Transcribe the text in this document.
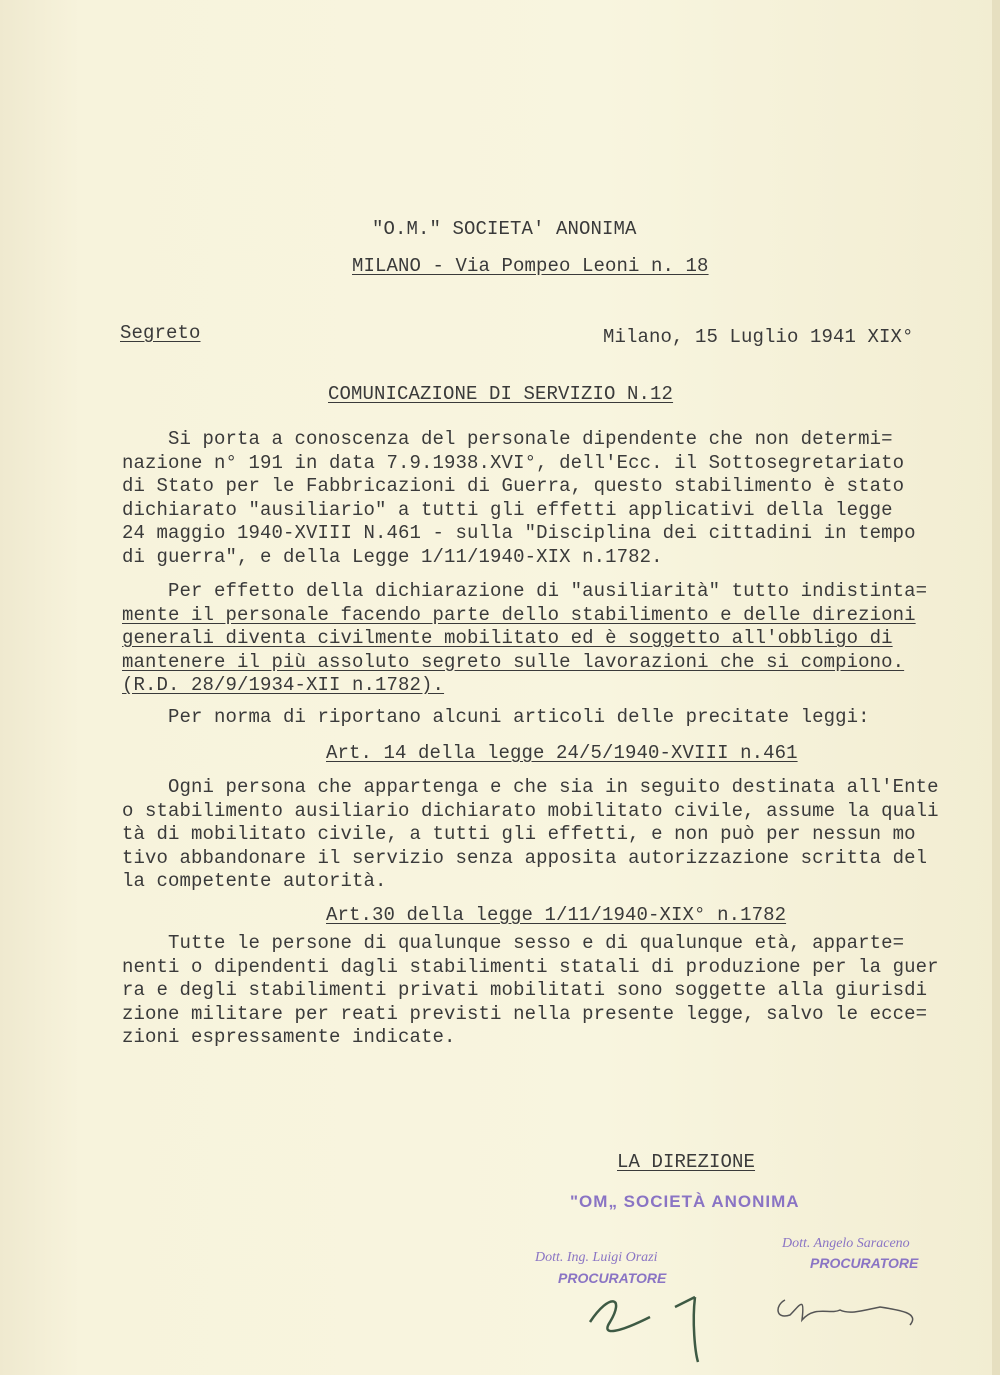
"O.M." SOCIETA' ANONIMA
MILANO - Via Pompeo Leoni n. 18
Segreto	Milano, 15 Luglio 1941 XIX°
COMUNICAZIONE DI SERVIZIO N.12
Si porta a conoscenza del personale dipendente che non determi=
nazione n° 191 in data 7.9.1938.XVI°, dell'Ecc. il Sottosegretariato
di Stato per le Fabbricazioni di Guerra, questo stabilimento è stato
dichiarato "ausiliario" a tutti gli effetti applicativi della legge
24 maggio 1940-XVIII N.461 - sulla "Disciplina dei cittadini in tempo
di guerra", e della Legge 1/11/1940-XIX n.1782.
Per effetto della dichiarazione di "ausiliarità" tutto indistinta=
mente il personale facendo parte dello stabilimento e delle direzioni
generali diventa civilmente mobilitato ed è soggetto all'obbligo di
mantenere il più assoluto segreto sulle lavorazioni che si compiono.
(R.D. 28/9/1934-XII n.1782).
Per norma di riportano alcuni articoli delle precitate leggi:
Art. 14 della legge 24/5/1940-XVIII n.461
Ogni persona che appartenga e che sia in seguito destinata all'Ente
o stabilimento ausiliario dichiarato mobilitato civile, assume la quali
tà di mobilitato civile, a tutti gli effetti, e non può per nessun mo
tivo abbandonare il servizio senza apposita autorizzazione scritta del
la competente autorità.
Art.30 della legge 1/11/1940-XIX° n.1782
Tutte le persone di qualunque sesso e di qualunque età, apparte=
nenti o dipendenti dagli stabilimenti statali di produzione per la guer
ra e degli stabilimenti privati mobilitati sono soggette alla giurisdi
zione militare per reati previsti nella presente legge, salvo le ecce=
zioni espressamente indicate.
LA DIREZIONE
"OM„ SOCIETÀ ANONIMA
Dott. Ing. Luigi Orazi
PROCURATORE
Dott. Angelo Saraceno
PROCURATORE
